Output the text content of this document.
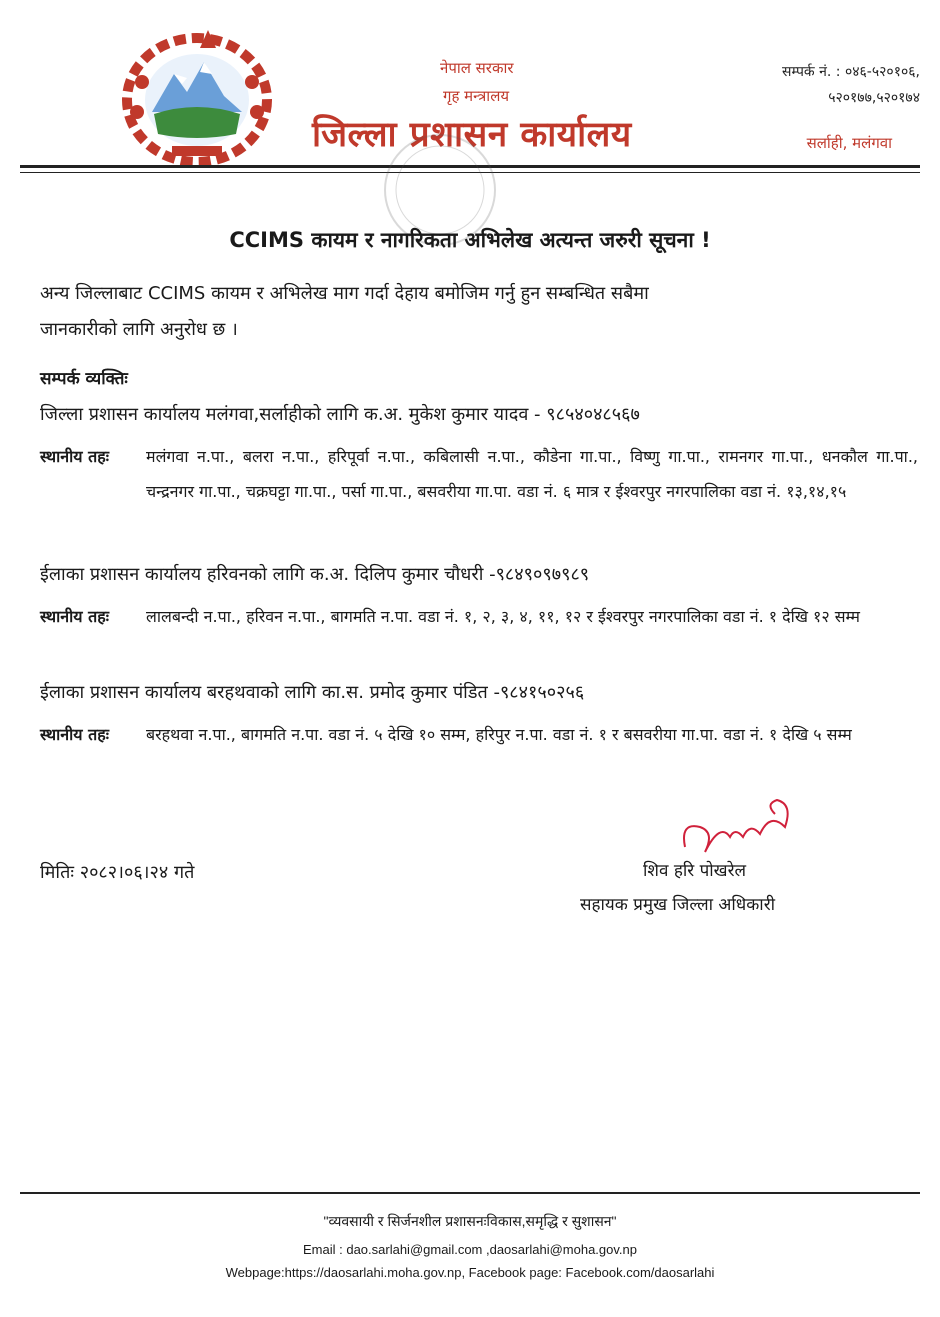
नेपाल सरकार
गृह मन्त्रालय
जिल्ला प्रशासन कार्यालय
सम्पर्क नं. : ०४६-५२०१०६,
५२०१७७,५२०१७४
सर्लाही, मलंगवा
CCIMS कायम र नागरिकता अभिलेख अत्यन्त जरुरी सूचना !
अन्य जिल्लाबाट CCIMS कायम र अभिलेख माग गर्दा देहाय बमोजिम गर्नु हुन सम्बन्धित सबैमा
जानकारीको लागि अनुरोध छ ।
सम्पर्क व्यक्तिः
जिल्ला प्रशासन कार्यालय मलंगवा,सर्लाहीको लागि क.अ. मुकेश कुमार यादव - ९८५४०४८५६७
स्थानीय तहः मलंगवा न.पा., बलरा न.पा., हरिपूर्वा न.पा., कबिलासी न.पा., कौडेना गा.पा., विष्णु गा.पा., रामनगर गा.पा., धनकौल गा.पा., चन्द्रनगर गा.पा., चक्रघट्टा गा.पा., पर्सा गा.पा., बसवरीया गा.पा. वडा नं. ६ मात्र र ईश्वरपुर नगरपालिका वडा नं. १३,१४,१५
ईलाका प्रशासन कार्यालय हरिवनको लागि क.अ. दिलिप कुमार चौधरी -९८४९०९७९८९
स्थानीय तहः लालबन्दी न.पा., हरिवन न.पा., बागमति न.पा. वडा नं. १, २, ३, ४, ११, १२ र ईश्वरपुर नगरपालिका वडा नं. १ देखि १२ सम्म
ईलाका प्रशासन कार्यालय बरहथवाको लागि का.स. प्रमोद कुमार पंडित -९८४१५०२५६
स्थानीय तहः बरहथवा न.पा., बागमति न.पा. वडा नं. ५ देखि १० सम्म, हरिपुर न.पा. वडा नं. १ र बसवरीया गा.पा. वडा नं. १ देखि ५ सम्म
मितिः २०८२।०६।२४ गते	शिव हरि पोखरेल
सहायक प्रमुख जिल्ला अधिकारी
"व्यवसायी र सिर्जनशील प्रशासनःविकास,समृद्धि र सुशासन"
Email : dao.sarlahi@gmail.com ,daosarlahi@moha.gov.np
Webpage:https://daosarlahi.moha.gov.np, Facebook page: Facebook.com/daosarlahi
